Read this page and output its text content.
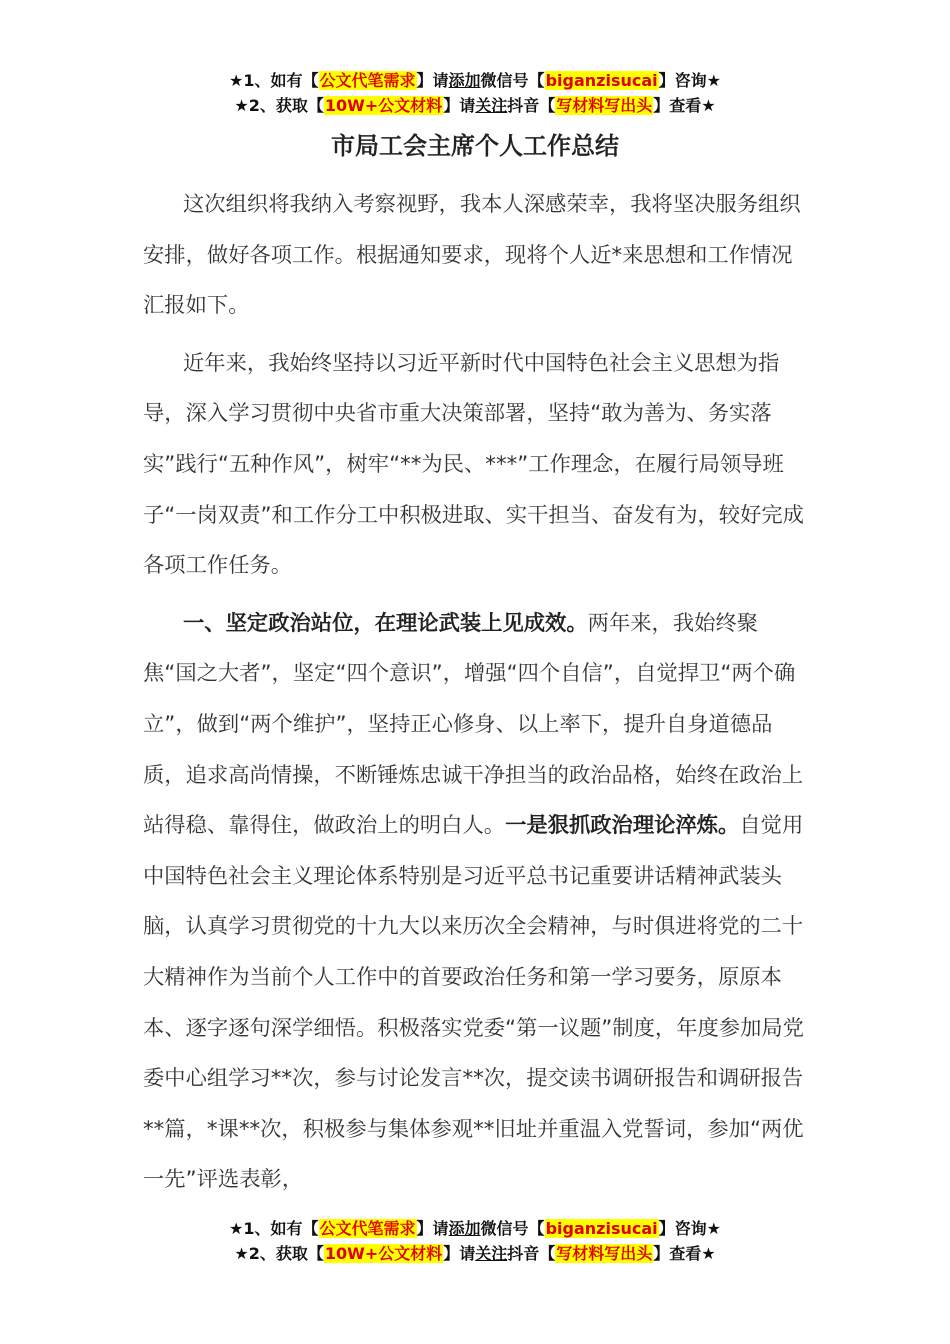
★1、如有【公文代笔需求】请添加微信号【biganzisucai】咨询★
★2、获取【10W+公文材料】请关注抖音【写材料写出头】查看★
市局工会主席个人工作总结

这次组织将我纳入考察视野，我本人深感荣幸，我将坚决服务组织安排，做好各项工作。根据通知要求，现将个人近*来思想和工作情况汇报如下。

近年来，我始终坚持以习近平新时代中国特色社会主义思想为指导，深入学习贯彻中央省市重大决策部署，坚持“敢为善为、务实落实”践行“五种作风”，树牢“**为民、***”工作理念，在履行局领导班子“一岗双责”和工作分工中积极进取、实干担当、奋发有为，较好完成各项工作任务。

一、坚定政治站位，在理论武装上见成效。两年来，我始终聚焦“国之大者”，坚定“四个意识”，增强“四个自信”，自觉捍卫“两个确立”，做到“两个维护”，坚持正心修身、以上率下，提升自身道德品质，追求高尚情操，不断锤炼忠诚干净担当的政治品格，始终在政治上站得稳、靠得住，做政治上的明白人。一是狠抓政治理论淬炼。自觉用中国特色社会主义理论体系特别是习近平总书记重要讲话精神武装头脑，认真学习贯彻党的十九大以来历次全会精神，与时俱进将党的二十大精神作为当前个人工作中的首要政治任务和第一学习要务，原原本本、逐字逐句深学细悟。积极落实党委“第一议题”制度，年度参加局党委中心组学习**次，参与讨论发言**次，提交读书调研报告和调研报告**篇，*课**次，积极参与集体参观**旧址并重温入党誓词，参加“两优一先”评选表彰，

★1、如有【公文代笔需求】请添加微信号【biganzisucai】咨询★
★2、获取【10W+公文材料】请关注抖音【写材料写出头】查看★
